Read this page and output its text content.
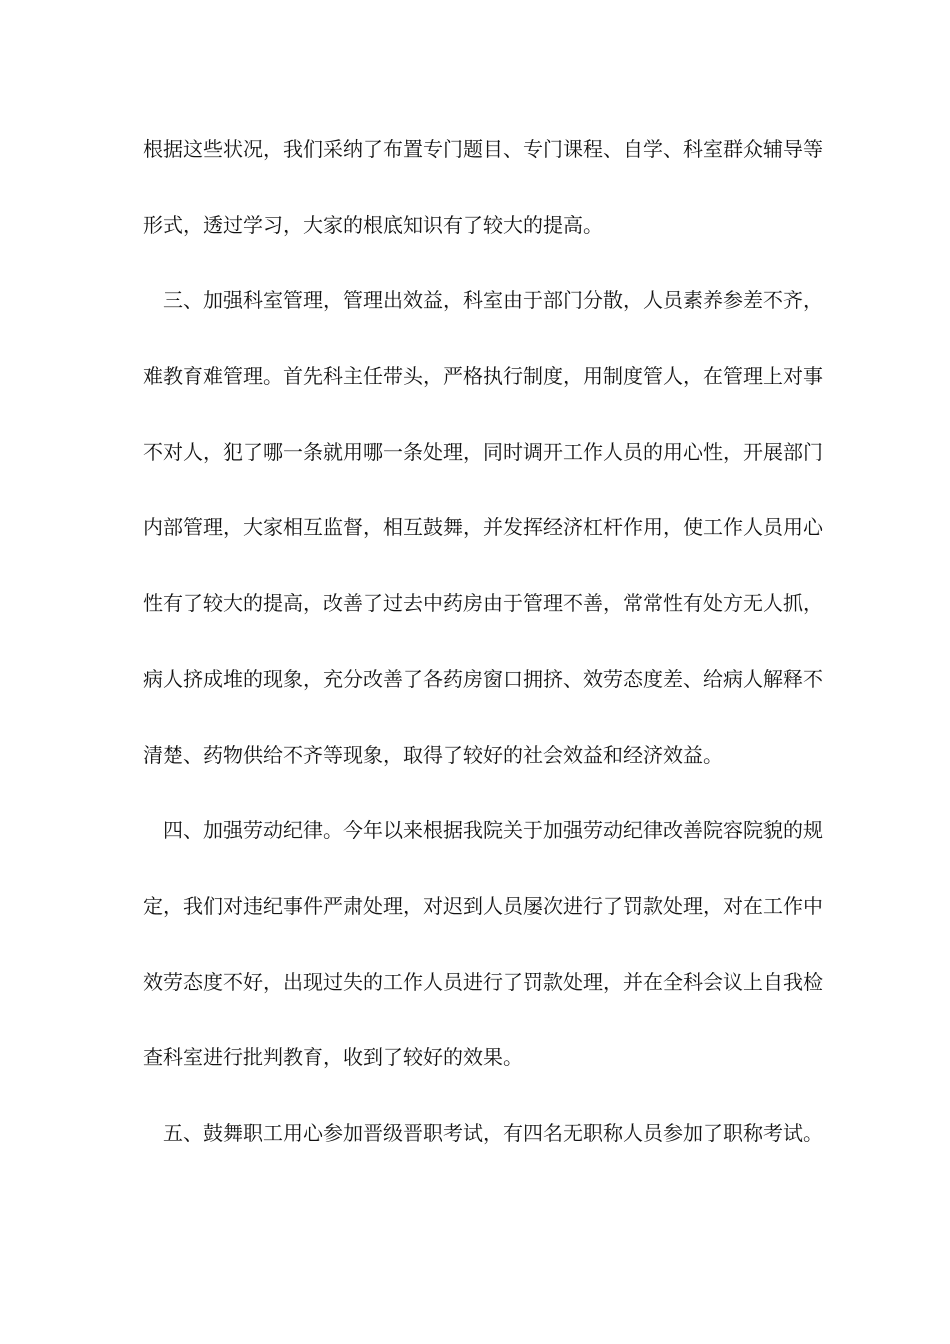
根据这些状况，我们采纳了布置专门题目、专门课程、自学、科室群众辅导等
形式，透过学习，大家的根底知识有了较大的提高。
三、加强科室管理，管理出效益，科室由于部门分散，人员素养参差不齐，
难教育难管理。首先科主任带头，严格执行制度，用制度管人，在管理上对事
不对人，犯了哪一条就用哪一条处理，同时调开工作人员的用心性，开展部门
内部管理，大家相互监督，相互鼓舞，并发挥经济杠杆作用，使工作人员用心
性有了较大的提高，改善了过去中药房由于管理不善，常常性有处方无人抓，
病人挤成堆的现象，充分改善了各药房窗口拥挤、效劳态度差、给病人解释不
清楚、药物供给不齐等现象，取得了较好的社会效益和经济效益。
四、加强劳动纪律。今年以来根据我院关于加强劳动纪律改善院容院貌的规
定，我们对违纪事件严肃处理，对迟到人员屡次进行了罚款处理，对在工作中
效劳态度不好，出现过失的工作人员进行了罚款处理，并在全科会议上自我检
查科室进行批判教育，收到了较好的效果。
五、鼓舞职工用心参加晋级晋职考试，有四名无职称人员参加了职称考试。
